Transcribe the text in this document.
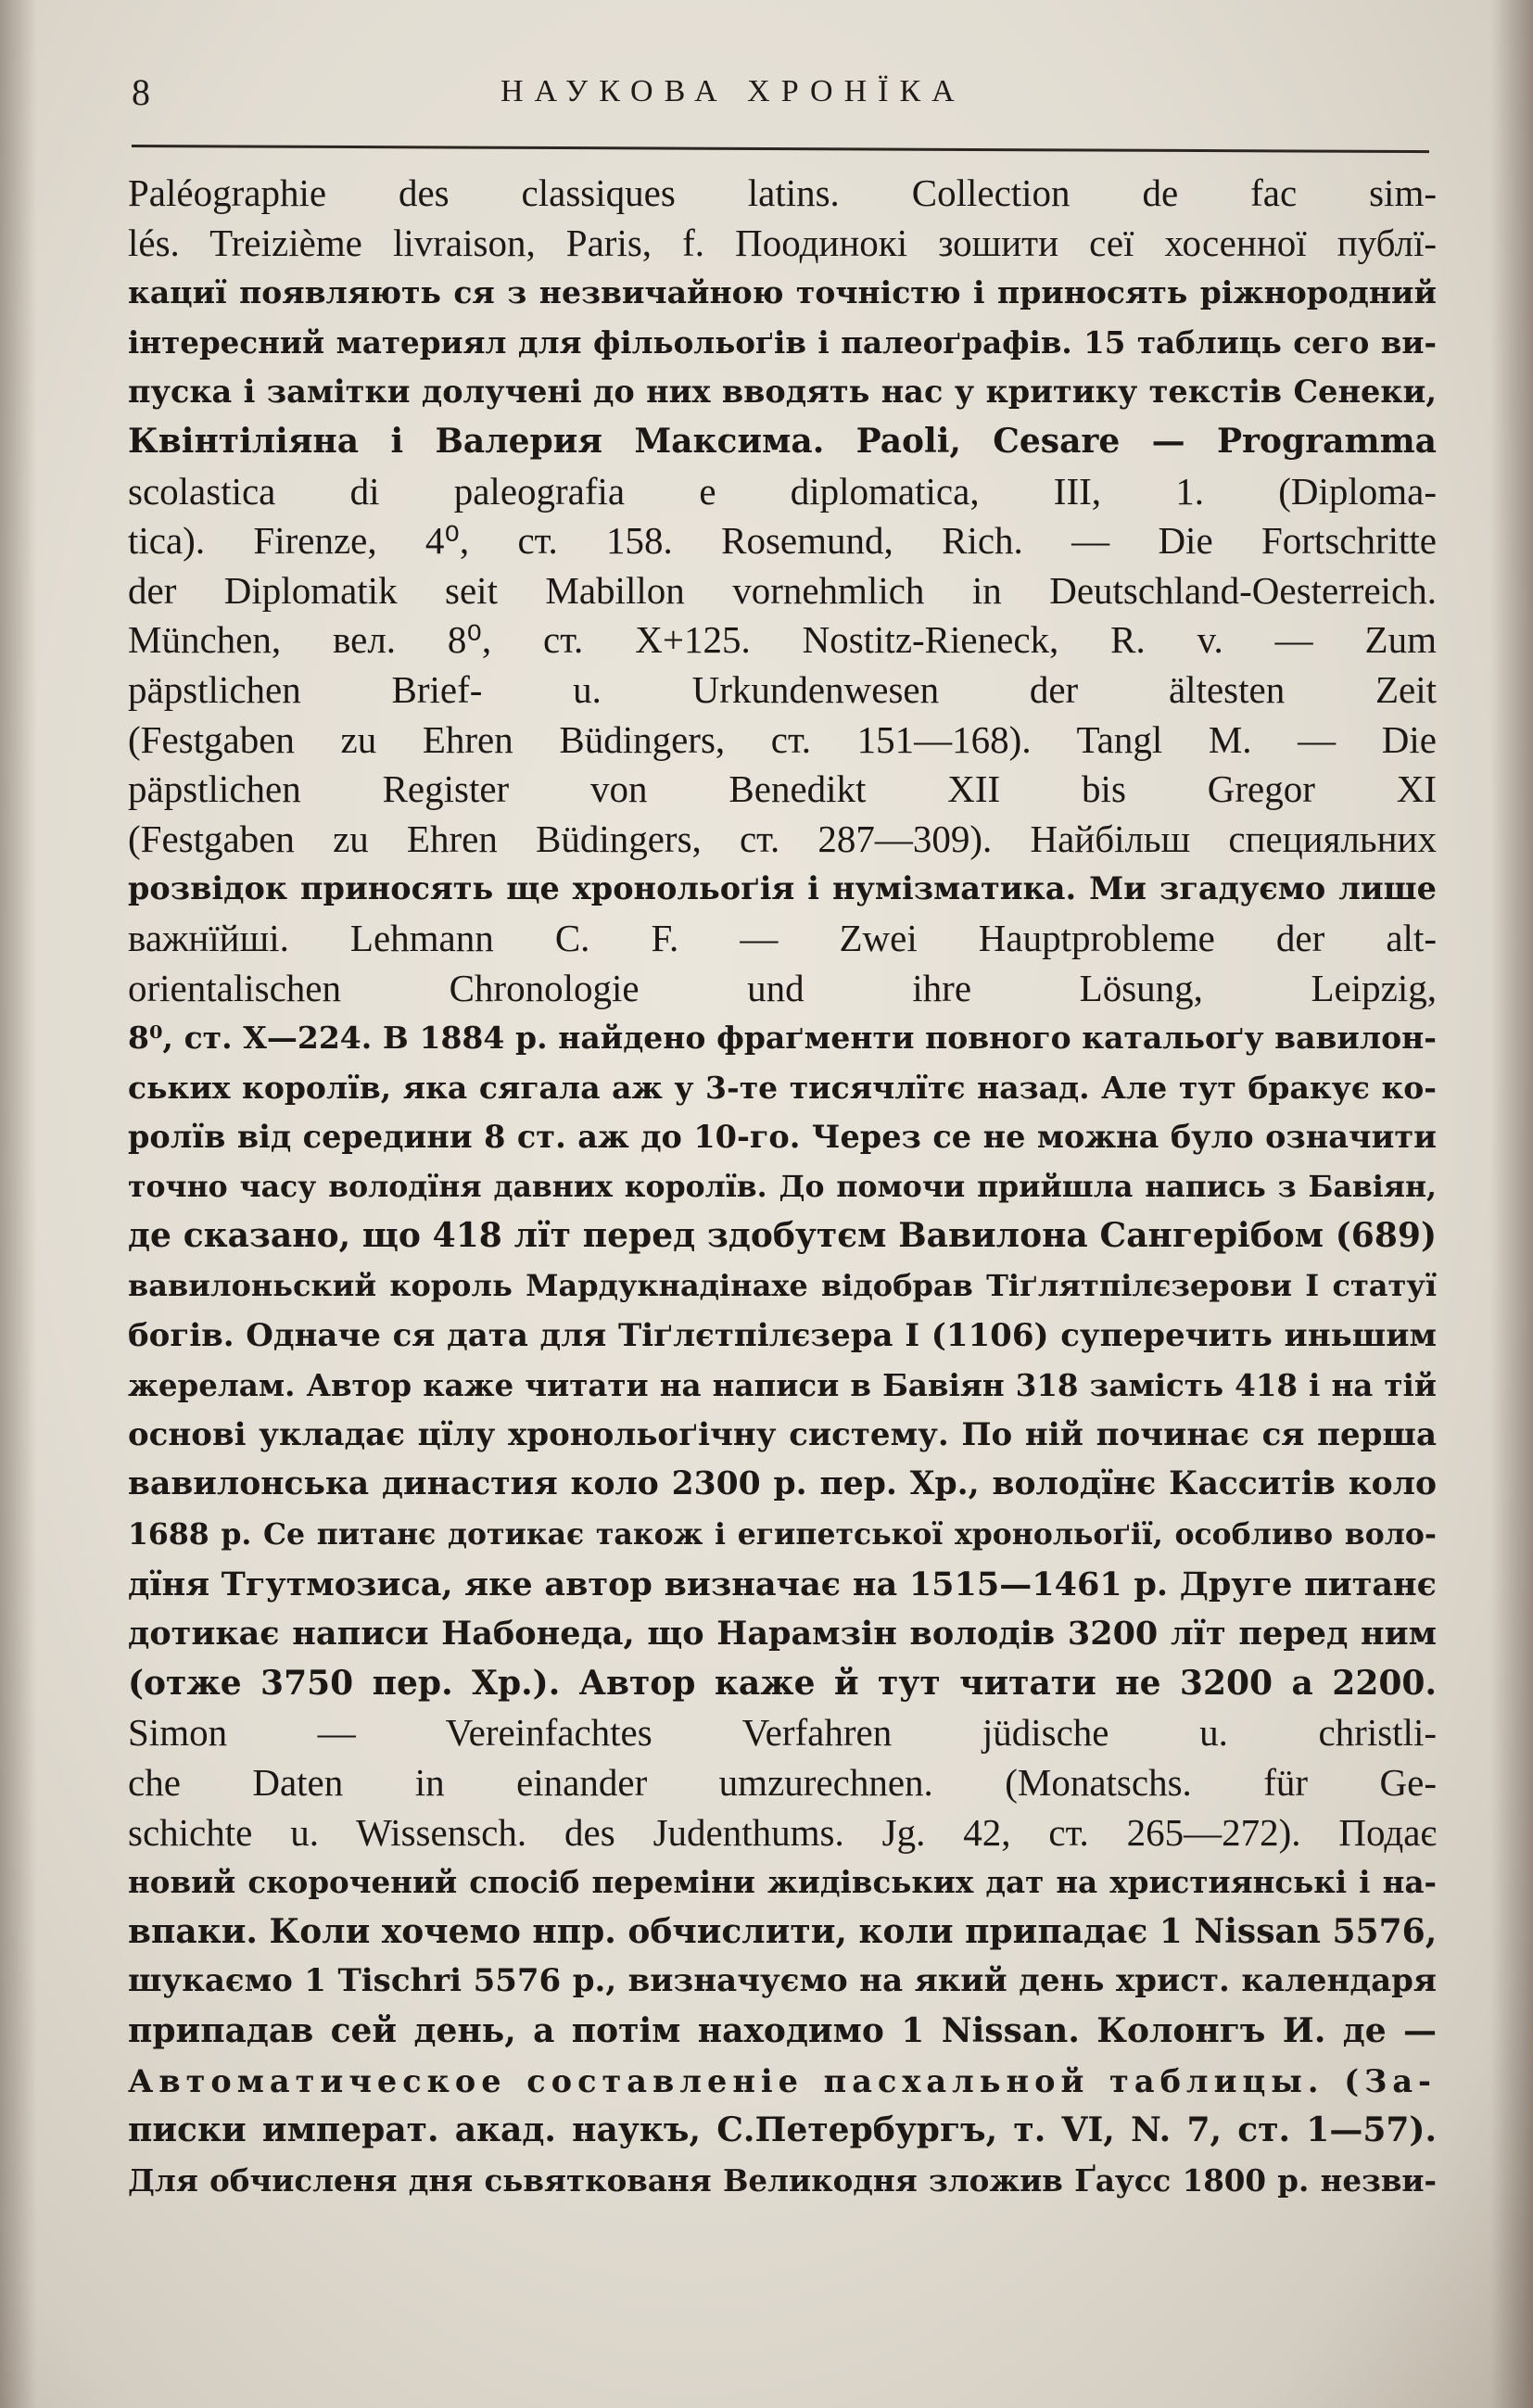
8	НАУКОВА ХРОНЇКА
Paléographie des classiques latins. Collection de fac sim-
lés. Treizième livraison, Paris, f. Поодинокі зошити сеї хосенної публї-
кациї появляють ся з незвичайною точністю і приносять ріжнородний
інтересний материял для фільольоґів і палеоґрафів. 15 таблиць сего ви-
пуска і замітки долучені до них вводять нас у критику текстів Сенеки,
Квінтіліяна і Валерия Максима. Paoli, Cesare — Programma
scolastica di paleografia e diplomatica, III, 1. (Diploma-
tica). Firenze, 4⁰, ст. 158. Rosemund, Rich. — Die Fortschritte
der Diplomatik seit Mabillon vornehmlich in Deutschland-Oesterreich.
München, вел. 8⁰, ст. X+125. Nostitz-Rieneck, R. v. — Zum
päpstlichen Brief- u. Urkundenwesen der ältesten Zeit
(Festgaben zu Ehren Büdingers, ст. 151—168). Tangl M. — Die
päpstlichen Register von Benedikt XII bis Gregor XI
(Festgaben zu Ehren Büdingers, ст. 287—309). Найбільш специяльних
розвідок приносять ще хронольоґія і нумізматика. Ми згадуємо лише
важнїйші. Lehmann C. F. — Zwei Hauptprobleme der alt-
orientalischen Chronologie und ihre Lösung, Leipzig,
8⁰, ст. X—224. В 1884 р. найдено фраґменти повного катальоґу вавилон-
ських королїв, яка сягала аж у 3-те тисячлїтє назад. Але тут бракує ко-
ролїв від середини 8 ст. аж до 10-го. Через се не можна було означити
точно часу володїня давних королїв. До помочи прийшла напись з Бавіян,
де сказано, що 418 лїт перед здобутєм Вавилона Сангерібом (689)
вавилоньский король Мардукнадінахе відобрав Тіґлятпілєзерови I статуї
богів. Одначе ся дата для Тіґлєтпілєзера I (1106) суперечить иньшим
жерелам. Автор каже читати на написи в Бавіян 318 замість 418 і на тій
основі укладає цїлу хронольоґічну систему. По ній починає ся перша
вавилонська династия коло 2300 р. пер. Хр., володїнє Касситів коло
1688 р. Се питанє дотикає також і египетської хронольоґії, особливо воло-
дїня Тгутмозиса, яке автор визначає на 1515—1461 р. Друге питанє
дотикає написи Набонеда, що Нарамзін володів 3200 лїт перед ним
(отже 3750 пер. Хр.). Автор каже й тут читати не 3200 а 2200.
Simon — Vereinfachtes Verfahren jüdische u. christli-
che Daten in einander umzurechnen. (Monatschs. für Ge-
schichte u. Wissensch. des Judenthums. Jg. 42, ст. 265—272). Подає
новий скорочений спосіб переміни жидівських дат на християнські і на-
впаки. Коли хочемо нпр. обчислити, коли припадає 1 Nissan 5576,
шукаємо 1 Tischri 5576 р., визначуємо на який день христ. календаря
припадав сей день, а потім находимо 1 Nissan. Колонгъ И. де —
Автоматическое составленіе пасхальной таблицы. (За-
писки императ. акад. наукъ, С.Петербургъ, т. VI, N. 7, ст. 1—57).
Для обчисленя дня сьвяткованя Великодня зложив Ґаусс 1800 р. незви-
